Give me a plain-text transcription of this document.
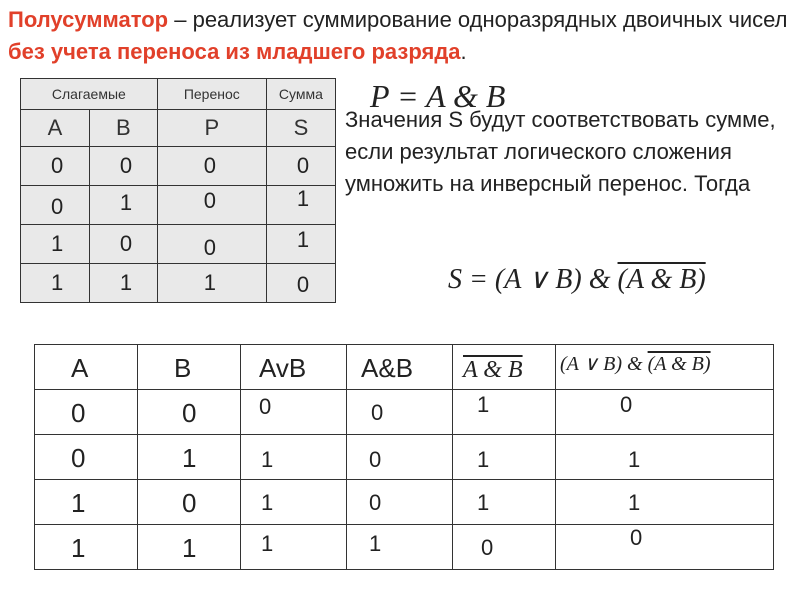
Полусумматор – реализует суммирование одноразрядных двоичных чисел без учета переноса из младшего разряда.
Слагаемые		Перенос	Сумма
A	B	P	S

0	0	0	0

0	1	0	1

1	0	0	1

1	1	1	0
P = A & B
Значения S будут соответствовать сумме, если результат логического сложения умножить на инверсный перенос. Тогда
S = (A ∨ B) & (A & B)
A	B	AvB	A&B	A & B	(A ∨ B) & (A & B)

0	0	0	0	1	0

0	1	1	0	1	1

1	0	1	0	1	1

1	1	1	1	0	0
